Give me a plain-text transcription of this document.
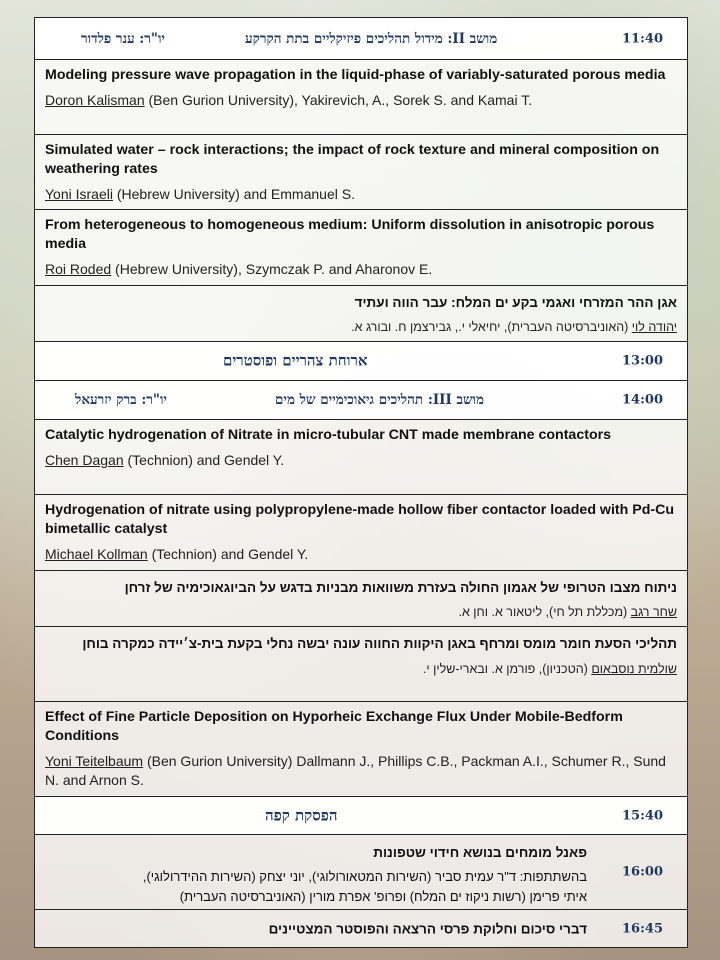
11:40
מושב II: מידול תהליכים פיזיקליים בתת הקרקע
יו"ר: ענר פלדור
Modeling pressure wave propagation in the liquid-phase of variably-saturated porous media
Doron Kalisman (Ben Gurion University), Yakirevich, A., Sorek S. and Kamai T.
Simulated water – rock interactions; the impact of rock texture and mineral composition on weathering rates
Yoni Israeli (Hebrew University) and Emmanuel S.
From heterogeneous to homogeneous medium: Uniform dissolution in anisotropic porous media
Roi Roded (Hebrew University), Szymczak P. and Aharonov E.
אגן ההר המזרחי ואגמי בקע ים המלח: עבר הווה ועתיד
יהודה לוי (האוניברסיטה העברית), יחיאלי י., גבירצמן ח. ובורג א.
13:00
ארוחת צהריים ופוסטרים
14:00
מושב III: תהליכים גיאוכימיים של מים
יו"ר: ברק יזרעאל
Catalytic hydrogenation of Nitrate in micro-tubular CNT made membrane contactors
Chen Dagan (Technion) and Gendel Y.
Hydrogenation of nitrate using polypropylene-made hollow fiber contactor loaded with Pd-Cu bimetallic catalyst
Michael Kollman (Technion) and Gendel Y.
ניתוח מצבו הטרופי של אגמון החולה בעזרת משוואות מבניות בדגש על הביוגאוכימיה של זרחן
שחר רגב (מכללת תל חי), ליטאור א. וחן א.
תהליכי הסעת חומר מומס ומרחף באגן היקוות החווה עונה יבשה נחלי בקעת בית-צ׳יידה כמקרה בוחן
שולמית נוסבאום (הטכניון), פורמן א. ובארי-שלין י.
Effect of Fine Particle Deposition on Hyporheic Exchange Flux Under Mobile-Bedform Conditions
Yoni Teitelbaum (Ben Gurion University) Dallmann J., Phillips C.B., Packman A.I., Schumer R., Sund N. and Arnon S.
15:40
הפסקת קפה
16:00
פאנל מומחים בנושא חידוי שטפונות
בהשתתפות: ד"ר עמית סביר (השירות המטאורולוגי), יוני יצחק (השירות ההידרולוגי),
איתי פרימן (רשות ניקוז ים המלח) ופרופ' אפרת מורין (האוניברסיטה העברית)
16:45
דברי סיכום וחלוקת פרסי הרצאה והפוסטר המצטיינים
